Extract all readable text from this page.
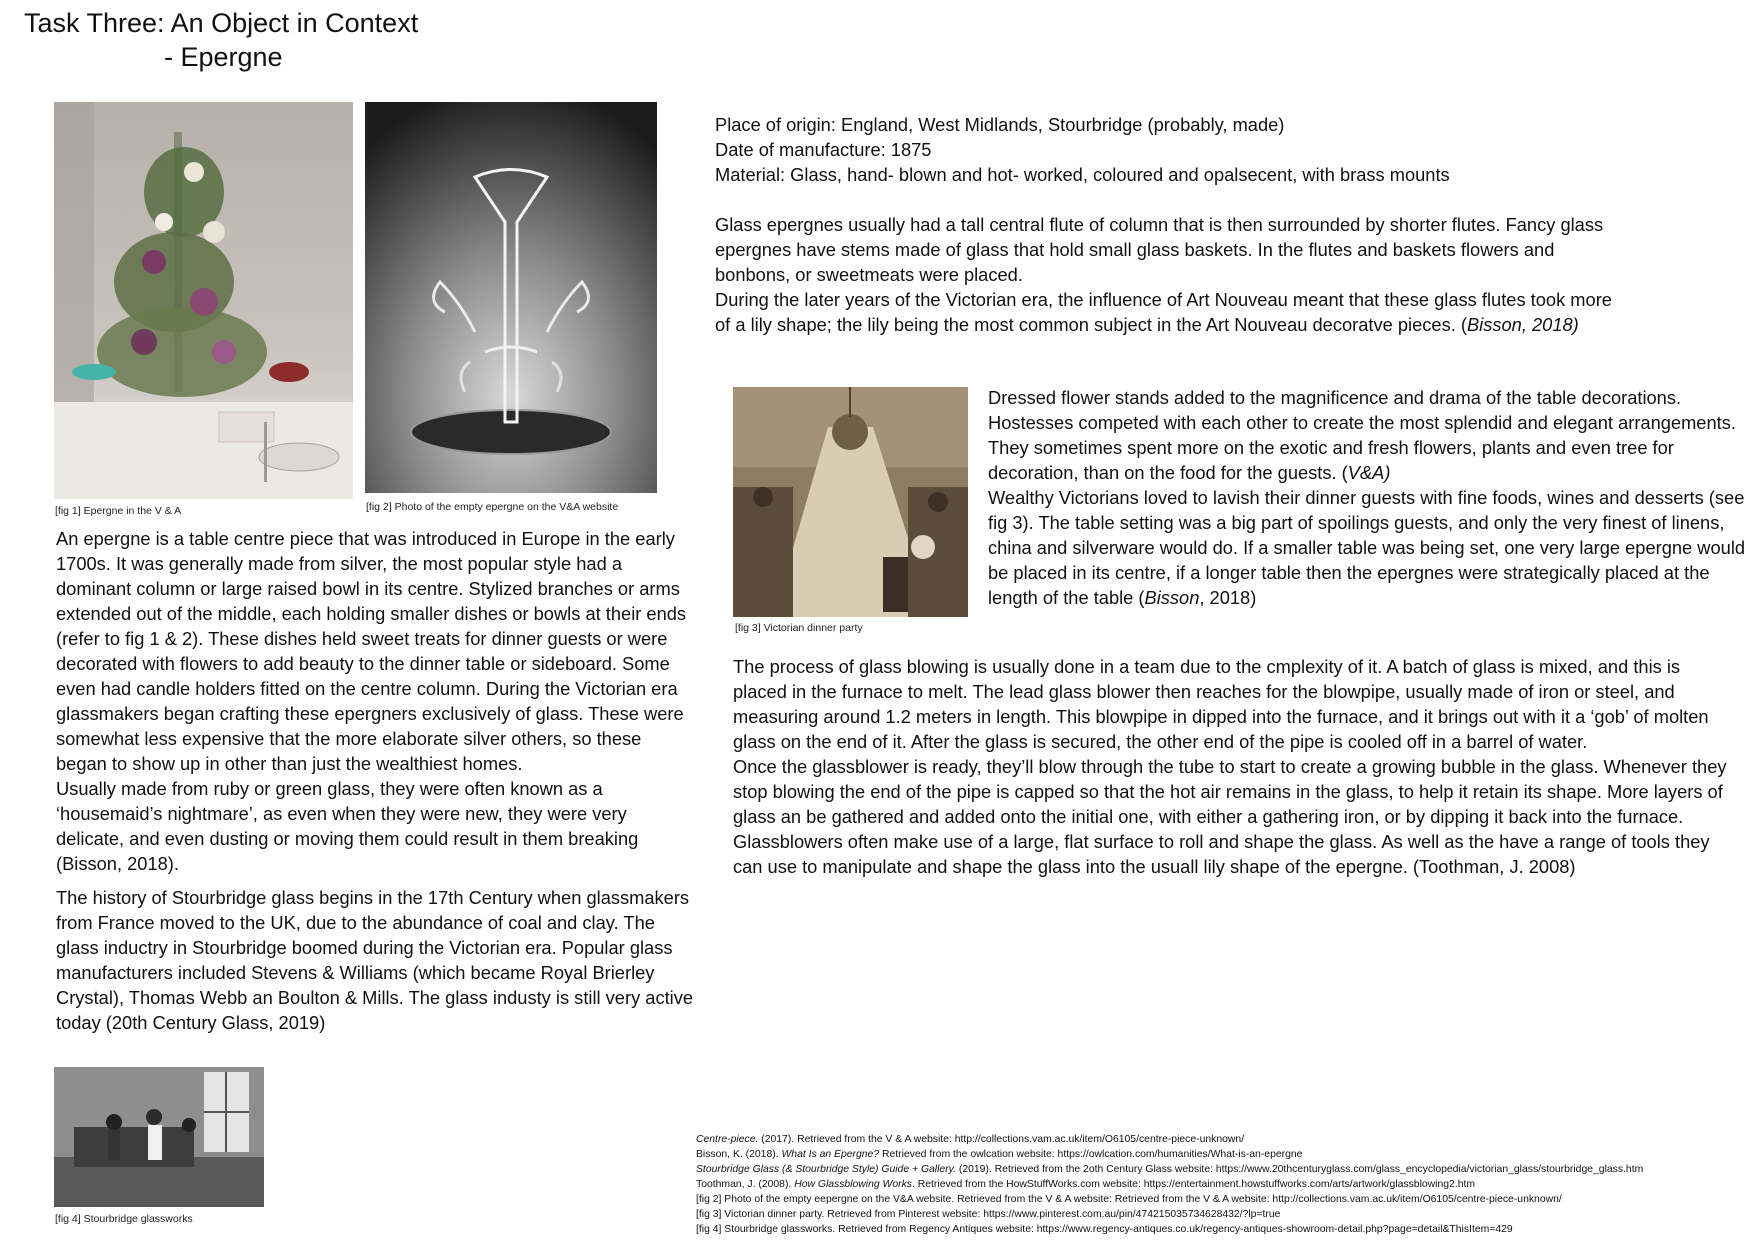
Task Three: An Object in Context
- Epergne
[fig 1] Epergne in the V & A	[fig 2] Photo of the empty epergne on the V&A website

An epergne is a table centre piece that was introduced in Europe in the early 1700s. It was generally made from silver, the most popular style had a dominant column or large raised bowl in its centre. Stylized branches or arms extended out of the middle, each holding smaller dishes or bowls at their ends (refer to fig 1 & 2). These dishes held sweet treats for dinner guests or were decorated with flowers to add beauty to the dinner table or sideboard. Some even had candle holders fitted on the centre column. During the Victorian era glassmakers began crafting these epergners exclusively of glass. These were somewhat less expensive that the more elaborate silver others, so these began to show up in other than just the wealthiest homes.

Usually made from ruby or green glass, they were often known as a ‘housemaid’s nightmare’, as even when they were new, they were very delicate, and even dusting or moving them could result in them breaking (Bisson, 2018).

The history of Stourbridge glass begins in the 17th Century when glassmakers from France moved to the UK, due to the abundance of coal and clay. The glass inductry in Stourbridge boomed during the Victorian era. Popular glass manufacturers included Stevens & Williams (which became Royal Brierley Crystal), Thomas Webb an Boulton & Mills. The glass industy is still very active today (20th Century Glass, 2019)

[fig 4] Stourbridge glassworks
Place of origin: England, West Midlands, Stourbridge (probably, made)
Date of manufacture: 1875
Material: Glass, hand- blown and hot- worked, coloured and opalsecent, with brass mounts

Glass epergnes usually had a tall central flute of column that is then surrounded by shorter flutes. Fancy glass epergnes have stems made of glass that hold small glass baskets. In the flutes and baskets flowers and bonbons, or sweetmeats were placed.

During the later years of the Victorian era, the influence of Art Nouveau meant that these glass flutes took more of a lily shape; the lily being the most common subject in the Art Nouveau decoratve pieces. (Bisson, 2018)

[fig 3] Victorian dinner party

Dressed flower stands added to the magnificence and drama of the table decorations. Hostesses competed with each other to create the most splendid and elegant arrangements. They sometimes spent more on the exotic and fresh flowers, plants and even tree for decoration, than on the food for the guests. (V&A)

Wealthy Victorians loved to lavish their dinner guests with fine foods, wines and desserts (see fig 3). The table setting was a big part of spoilings guests, and only the very finest of linens, china and silverware would do. If a smaller table was being set, one very large epergne would be placed in its centre, if a longer table then the epergnes were strategically placed at the length of the table (Bisson, 2018)

The process of glass blowing is usually done in a team due to the cmplexity of it. A batch of glass is mixed, and this is placed in the furnace to melt. The lead glass blower then reaches for the blowpipe, usually made of iron or steel, and measuring around 1.2 meters in length. This blowpipe in dipped into the furnace, and it brings out with it a ‘gob’ of molten glass on the end of it. After the glass is secured, the other end of the pipe is cooled off in a barrel of water.

Once the glassblower is ready, they’ll blow through the tube to start to create a growing bubble in the glass. Whenever they stop blowing the end of the pipe is capped so that the hot air remains in the glass, to help it retain its shape. More layers of glass an be gathered and added onto the initial one, with either a gathering iron, or by dipping it back into the furnace.

Glassblowers often make use of a large, flat surface to roll and shape the glass. As well as the have a range of tools they can use to manipulate and shape the glass into the usuall lily shape of the epergne. (Toothman, J. 2008)

Centre-piece. (2017). Retrieved from the V & A website: http://collections.vam.ac.uk/item/O6105/centre-piece-unknown/
Bisson, K. (2018). What Is an Epergne? Retrieved from the owlcation website: https://owlcation.com/humanities/What-is-an-epergne
Stourbridge Glass (& Stourbridge Style) Guide + Gallery. (2019). Retrieved from the 2oth Century Glass website: https://www.20thcenturyglass.com/glass_encyclopedia/victorian_glass/stourbridge_glass.htm
Toothman, J. (2008). How Glassblowing Works. Retrieved from the HowStuffWorks.com website: https://entertainment.howstuffworks.com/arts/artwork/glassblowing2.htm
[fig 2] Photo of the empty eepergne on the V&A website. Retrieved from the V & A website: Retrieved from the V & A website: http://collections.vam.ac.uk/item/O6105/centre-piece-unknown/
[fig 3] Victorian dinner party. Retrieved from Pinterest website: https://www.pinterest.com.au/pin/474215035734628432/?lp=true
[fig 4] Stourbridge glassworks. Retrieved from Regency Antiques website: https://www.regency-antiques.co.uk/regency-antiques-showroom-detail.php?page=detail&ThisItem=429
